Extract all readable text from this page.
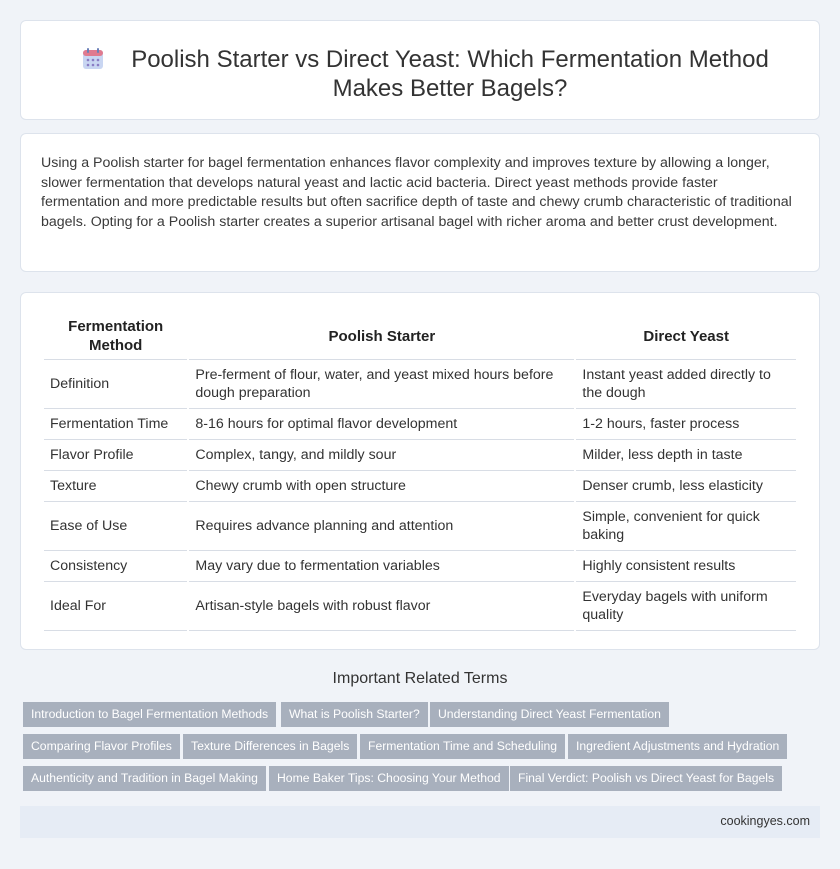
Poolish Starter vs Direct Yeast: Which Fermentation Method Makes Better Bagels?

Using a Poolish starter for bagel fermentation enhances flavor complexity and improves texture by allowing a longer, slower fermentation that develops natural yeast and lactic acid bacteria. Direct yeast methods provide faster fermentation and more predictable results but often sacrifice depth of taste and chewy crumb characteristic of traditional bagels. Opting for a Poolish starter creates a superior artisanal bagel with richer aroma and better crust development.

Fermentation Method	Poolish Starter	Direct Yeast
Definition	Pre-ferment of flour, water, and yeast mixed hours before dough preparation	Instant yeast added directly to the dough
Fermentation Time	8-16 hours for optimal flavor development	1-2 hours, faster process
Flavor Profile	Complex, tangy, and mildly sour	Milder, less depth in taste
Texture	Chewy crumb with open structure	Denser crumb, less elasticity
Ease of Use	Requires advance planning and attention	Simple, convenient for quick baking
Consistency	May vary due to fermentation variables	Highly consistent results
Ideal For	Artisan-style bagels with robust flavor	Everyday bagels with uniform quality
Important Related Terms
Introduction to Bagel Fermentation Methods	What is Poolish Starter?	Understanding Direct Yeast Fermentation
Comparing Flavor Profiles	Texture Differences in Bagels	Fermentation Time and Scheduling	Ingredient Adjustments and Hydration
Authenticity and Tradition in Bagel Making	Home Baker Tips: Choosing Your Method	Final Verdict: Poolish vs Direct Yeast for Bagels
cookingyes.com
